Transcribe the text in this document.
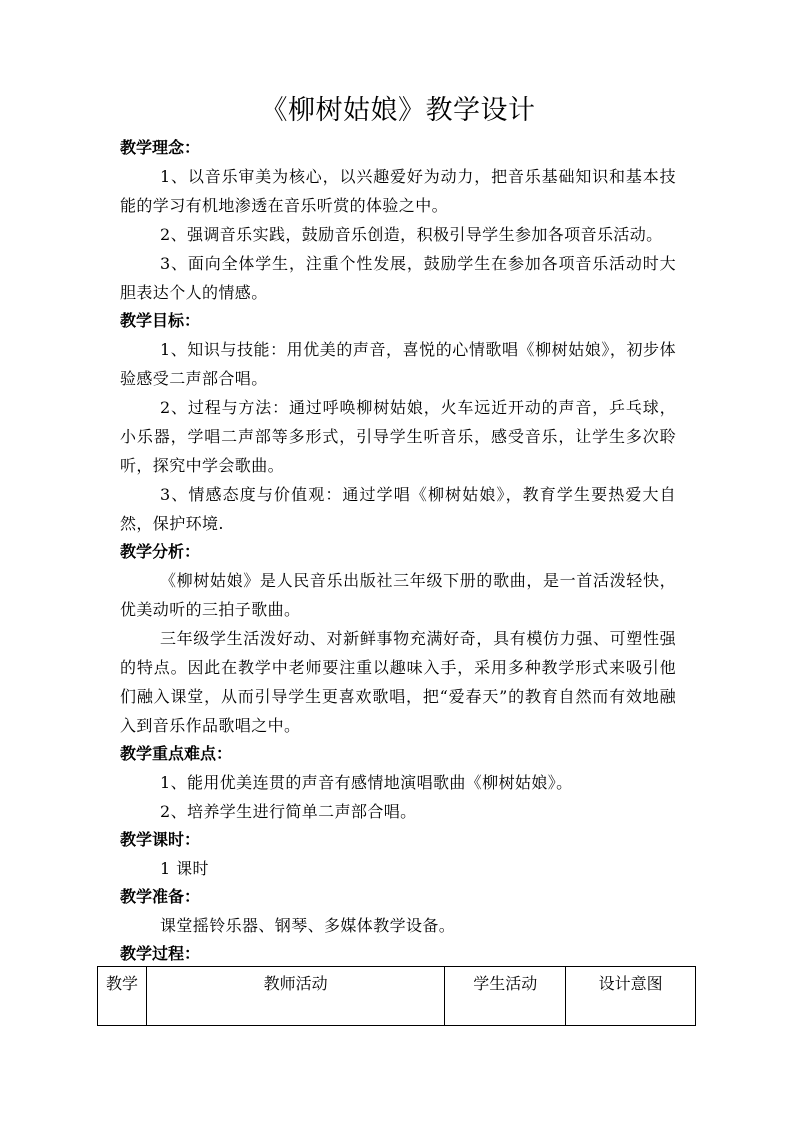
《柳树姑娘》教学设计

教学理念：

1、以音乐审美为核心，以兴趣爱好为动力，把音乐基础知识和基本技能的学习有机地渗透在音乐听赏的体验之中。

2、强调音乐实践，鼓励音乐创造，积极引导学生参加各项音乐活动。

3、面向全体学生，注重个性发展，鼓励学生在参加各项音乐活动时大胆表达个人的情感。

教学目标：

1、知识与技能：用优美的声音，喜悦的心情歌唱《柳树姑娘》，初步体验感受二声部合唱。

2、过程与方法：通过呼唤柳树姑娘，火车远近开动的声音，乒乓球，小乐器，学唱二声部等多形式，引导学生听音乐，感受音乐，让学生多次聆听，探究中学会歌曲。

3、情感态度与价值观：通过学唱《柳树姑娘》，教育学生要热爱大自然，保护环境.

教学分析：

《柳树姑娘》是人民音乐出版社三年级下册的歌曲，是一首活泼轻快，优美动听的三拍子歌曲。

三年级学生活泼好动、对新鲜事物充满好奇，具有模仿力强、可塑性强的特点。因此在教学中老师要注重以趣味入手，采用多种教学形式来吸引他们融入课堂，从而引导学生更喜欢歌唱，把“爱春天”的教育自然而有效地融入到音乐作品歌唱之中。

教学重点难点：

1、能用优美连贯的声音有感情地演唱歌曲《柳树姑娘》。

2、培养学生进行简单二声部合唱。

教学课时：

1 课时

教学准备：

课堂摇铃乐器、钢琴、多媒体教学设备。

教学过程：

教学	教师活动	学生活动	设计意图
